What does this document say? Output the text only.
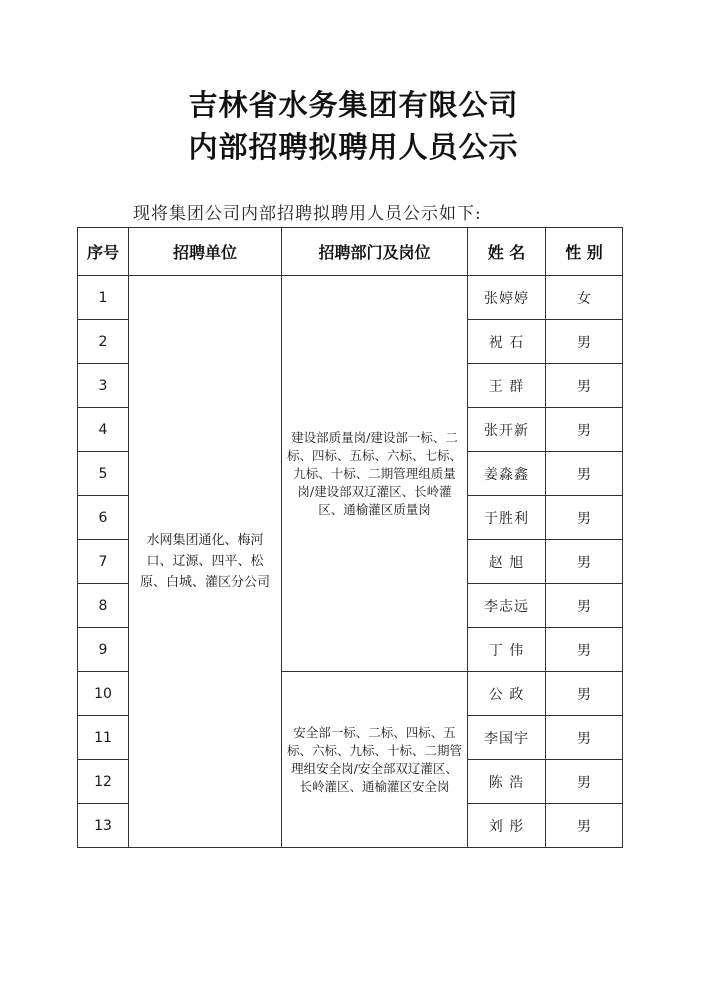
吉林省水务集团有限公司
内部招聘拟聘用人员公示
现将集团公司内部招聘拟聘用人员公示如下:
序号	招聘单位	招聘部门及岗位	姓 名	性 别
1	水网集团通化、梅河口、辽源、四平、松原、白城、灌区分公司	建设部质量岗/建设部一标、二标、四标、五标、六标、七标、九标、十标、二期管理组质量岗/建设部双辽灌区、长岭灌区、通榆灌区质量岗	张婷婷	女
2			祝 石	男
3			王 群	男
4			张开新	男
5			姜淼鑫	男
6			于胜利	男
7			赵 旭	男
8			李志远	男
9			丁 伟	男
10		安全部一标、二标、四标、五标、六标、九标、十标、二期管理组安全岗/安全部双辽灌区、长岭灌区、通榆灌区安全岗	公 政	男
11			李国宇	男
12			陈 浩	男
13			刘 彤	男
